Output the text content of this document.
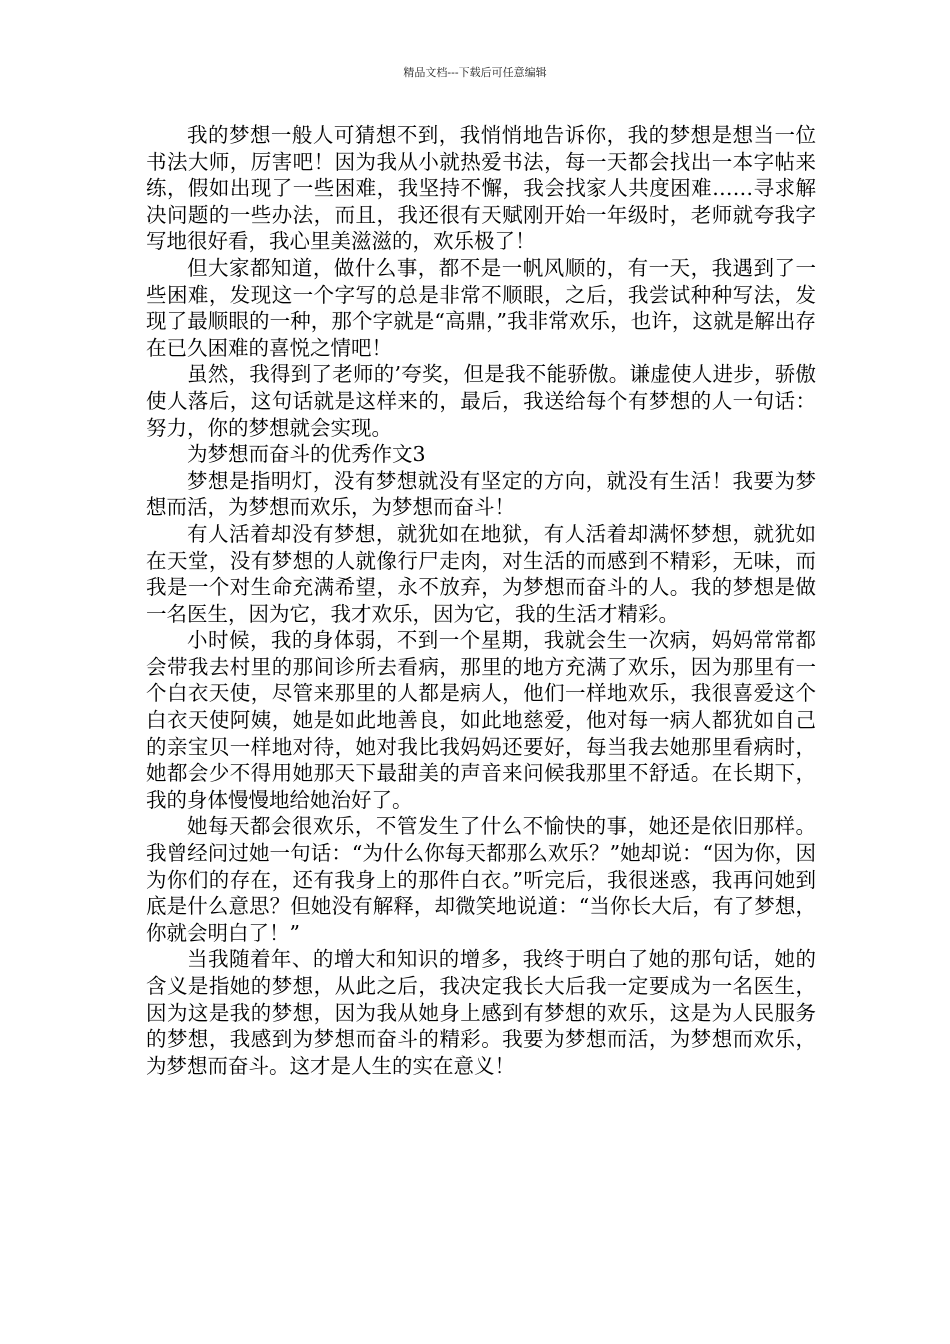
精品文档---下载后可任意编辑

我的梦想一般人可猜想不到，我悄悄地告诉你，我的梦想是想当一位书法大师，厉害吧！因为我从小就热爱书法，每一天都会找出一本字帖来练，假如出现了一些困难，我坚持不懈，我会找家人共度困难……寻求解决问题的一些办法，而且，我还很有天赋刚开始一年级时，老师就夸我字写地很好看，我心里美滋滋的，欢乐极了！

但大家都知道，做什么事，都不是一帆风顺的，有一天，我遇到了一些困难，发现这一个字写的总是非常不顺眼，之后，我尝试种种写法，发现了最顺眼的一种，那个字就是“高鼎，”我非常欢乐，也许，这就是解出存在已久困难的喜悦之情吧！

虽然，我得到了老师的’夸奖，但是我不能骄傲。谦虚使人进步，骄傲使人落后，这句话就是这样来的，最后，我送给每个有梦想的人一句话：努力，你的梦想就会实现。

为梦想而奋斗的优秀作文3

梦想是指明灯，没有梦想就没有坚定的方向，就没有生活！我要为梦想而活，为梦想而欢乐，为梦想而奋斗！

有人活着却没有梦想，就犹如在地狱，有人活着却满怀梦想，就犹如在天堂，没有梦想的人就像行尸走肉，对生活的而感到不精彩，无味，而我是一个对生命充满希望，永不放弃，为梦想而奋斗的人。我的梦想是做一名医生，因为它，我才欢乐，因为它，我的生活才精彩。

小时候，我的身体弱，不到一个星期，我就会生一次病，妈妈常常都会带我去村里的那间诊所去看病，那里的地方充满了欢乐，因为那里有一个白衣天使，尽管来那里的人都是病人，他们一样地欢乐，我很喜爱这个白衣天使阿姨，她是如此地善良，如此地慈爱，他对每一病人都犹如自己的亲宝贝一样地对待，她对我比我妈妈还要好，每当我去她那里看病时，她都会少不得用她那天下最甜美的声音来问候我那里不舒适。在长期下，我的身体慢慢地给她治好了。

她每天都会很欢乐，不管发生了什么不愉快的事，她还是依旧那样。我曾经问过她一句话：“为什么你每天都那么欢乐？”她却说：“因为你，因为你们的存在，还有我身上的那件白衣。”听完后，我很迷惑，我再问她到底是什么意思？但她没有解释，却微笑地说道：“当你长大后，有了梦想，你就会明白了！”

当我随着年、的增大和知识的增多，我终于明白了她的那句话，她的含义是指她的梦想，从此之后，我决定我长大后我一定要成为一名医生，因为这是我的梦想，因为我从她身上感到有梦想的欢乐，这是为人民服务的梦想，我感到为梦想而奋斗的精彩。我要为梦想而活，为梦想而欢乐，为梦想而奋斗。这才是人生的实在意义！
